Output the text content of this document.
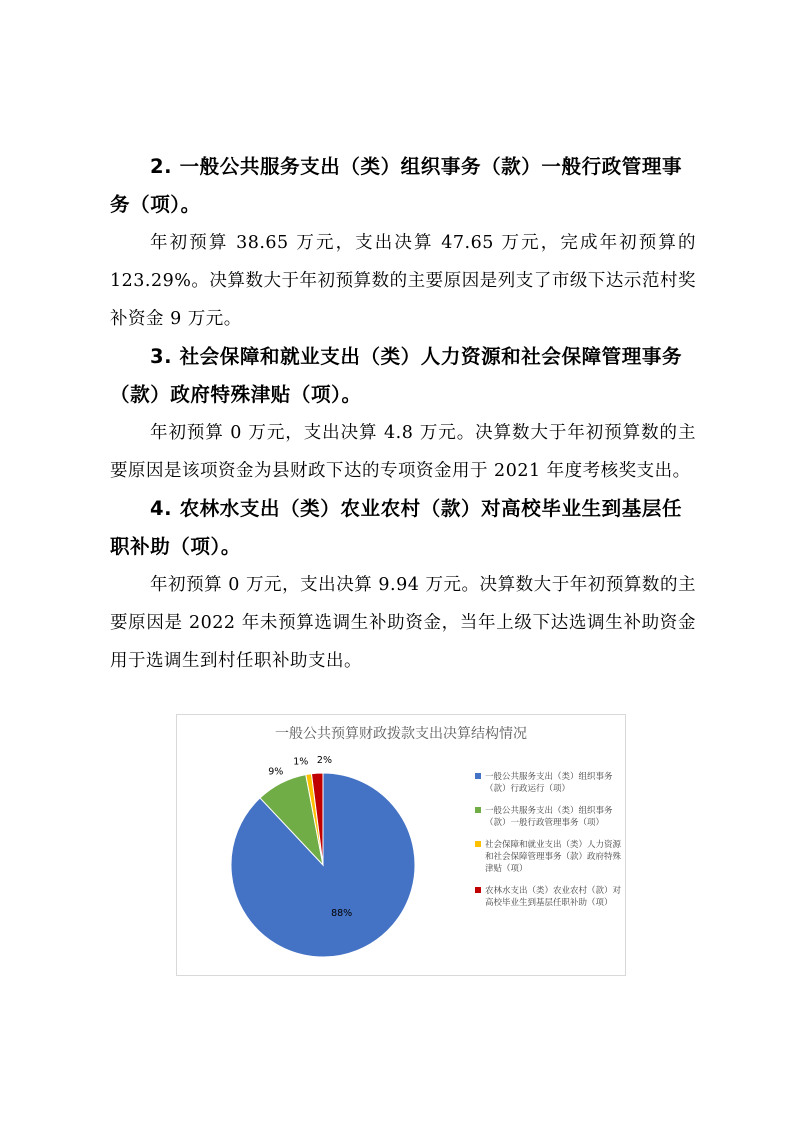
2. 一般公共服务支出（类）组织事务（款）一般行政管理事务（项）。

年初预算 38.65 万元，支出决算 47.65 万元，完成年初预算的 123.29%。决算数大于年初预算数的主要原因是列支了市级下达示范村奖补资金 9 万元。

3. 社会保障和就业支出（类）人力资源和社会保障管理事务（款）政府特殊津贴（项）。

年初预算 0 万元，支出决算 4.8 万元。决算数大于年初预算数的主要原因是该项资金为县财政下达的专项资金用于 2021 年度考核奖支出。

4. 农林水支出（类）农业农村（款）对高校毕业生到基层任职补助（项）。

年初预算 0 万元，支出决算 9.94 万元。决算数大于年初预算数的主要原因是 2022 年未预算选调生补助资金，当年上级下达选调生补助资金用于选调生到村任职补助支出。

一般公共预算财政拨款支出决算结构情况
88%
9%
1% 2%
一般公共服务支出（类）组织事务（款）行政运行（项）
一般公共服务支出（类）组织事务（款）一般行政管理事务（项）
社会保障和就业支出（类）人力资源和社会保障管理事务（款）政府特殊津贴（项）
农林水支出（类）农业农村（款）对高校毕业生到基层任职补助（项）
